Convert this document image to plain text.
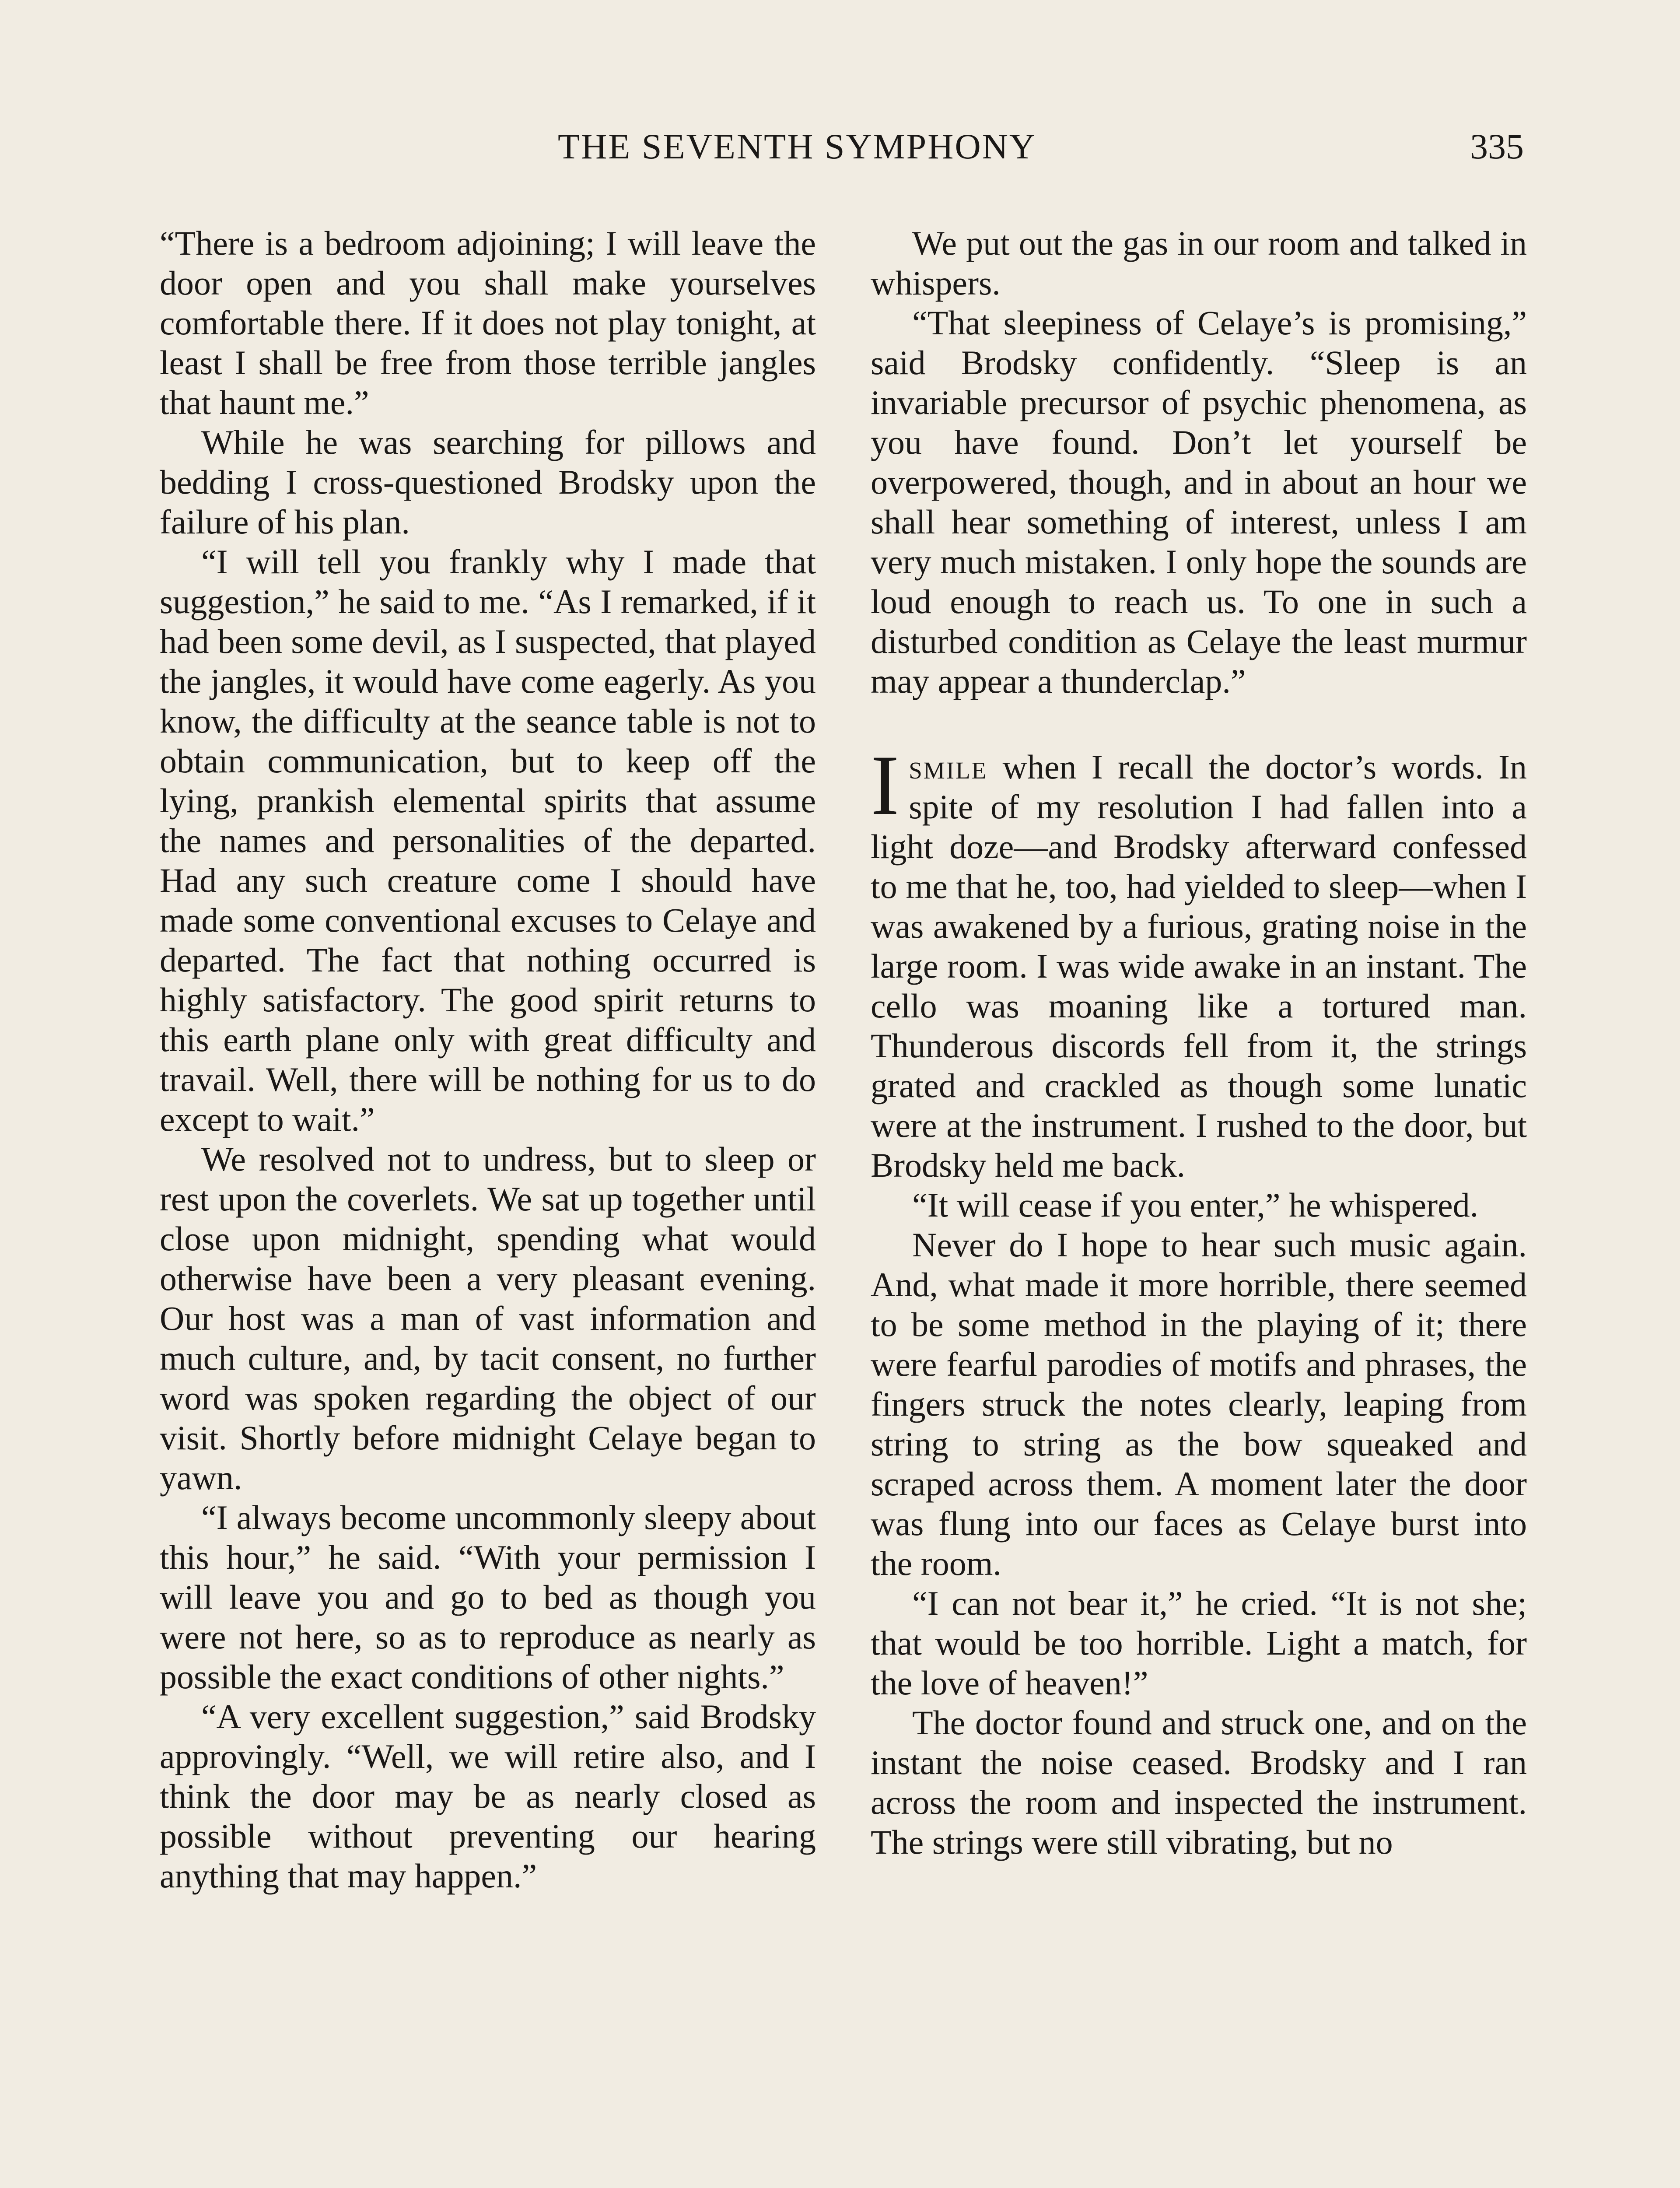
THE SEVENTH SYMPHONY	335

“There is a bedroom adjoining; I will leave the door open and you shall make yourselves comfortable there. If it does not play tonight, at least I shall be free from those terrible jangles that haunt me.”

While he was searching for pillows and bedding I cross-questioned Brodsky upon the failure of his plan.

“I will tell you frankly why I made that suggestion,” he said to me. “As I remarked, if it had been some devil, as I suspected, that played the jangles, it would have come eagerly. As you know, the difficulty at the seance table is not to obtain communication, but to keep off the lying, prankish elemental spirits that assume the names and personalities of the departed. Had any such creature come I should have made some conventional excuses to Celaye and departed. The fact that nothing occurred is highly satisfactory. The good spirit returns to this earth plane only with great difficulty and travail. Well, there will be nothing for us to do except to wait.”

We resolved not to undress, but to sleep or rest upon the coverlets. We sat up together until close upon midnight, spending what would otherwise have been a very pleasant evening. Our host was a man of vast information and much culture, and, by tacit consent, no further word was spoken regarding the object of our visit. Shortly before midnight Celaye began to yawn.

“I always become uncommonly sleepy about this hour,” he said. “With your permission I will leave you and go to bed as though you were not here, so as to reproduce as nearly as possible the exact conditions of other nights.”

“A very excellent suggestion,” said Brodsky approvingly. “Well, we will retire also, and I think the door may be as nearly closed as possible without preventing our hearing anything that may happen.”

We put out the gas in our room and talked in whispers.

“That sleepiness of Celaye’s is promising,” said Brodsky confidently. “Sleep is an invariable precursor of psychic phenomena, as you have found. Don’t let yourself be overpowered, though, and in about an hour we shall hear something of interest, unless I am very much mistaken. I only hope the sounds are loud enough to reach us. To one in such a disturbed condition as Celaye the least murmur may appear a thunderclap.”

Ismile when I recall the doctor’s words. In spite of my resolution I had fallen into a light doze—and Brodsky afterward confessed to me that he, too, had yielded to sleep—when I was awakened by a furious, grating noise in the large room. I was wide awake in an instant. The cello was moaning like a tortured man. Thunderous discords fell from it, the strings grated and crackled as though some lunatic were at the instrument. I rushed to the door, but Brodsky held me back.

“It will cease if you enter,” he whispered.

Never do I hope to hear such music again. And, what made it more horrible, there seemed to be some method in the playing of it; there were fearful parodies of motifs and phrases, the fingers struck the notes clearly, leaping from string to string as the bow squeaked and scraped across them. A moment later the door was flung into our faces as Celaye burst into the room.

“I can not bear it,” he cried. “It is not she; that would be too horrible. Light a match, for the love of heaven!”

The doctor found and struck one, and on the instant the noise ceased. Brodsky and I ran across the room and inspected the instrument. The strings were still vibrating, but no
